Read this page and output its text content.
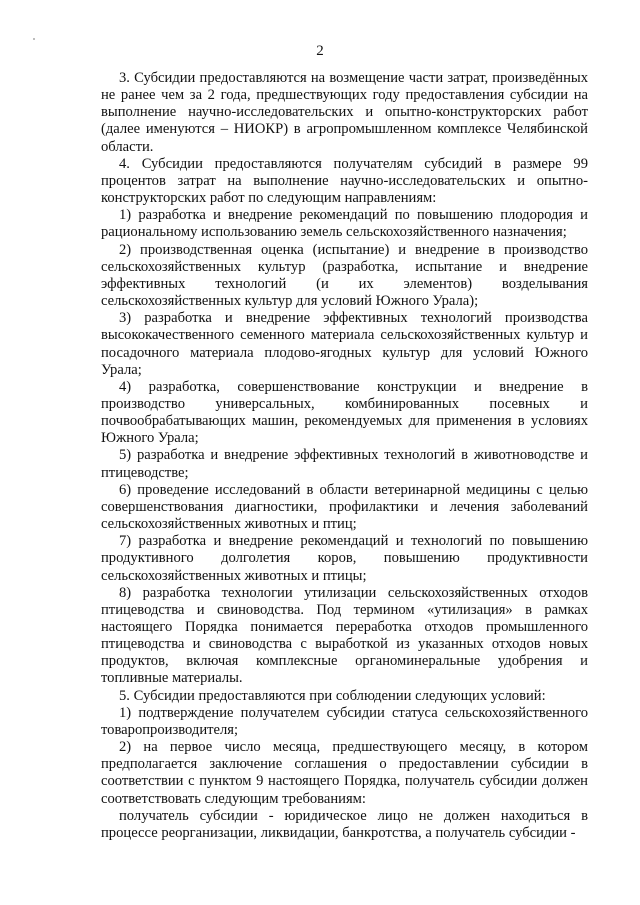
2

3. Субсидии предоставляются на возмещение части затрат, произведённых не ранее чем за 2 года, предшествующих году предоставления субсидии на выполнение научно-исследовательских и опытно-конструкторских работ (далее именуются – НИОКР) в агропромышленном комплексе Челябинской области.

4. Субсидии предоставляются получателям субсидий в размере 99 процентов затрат на выполнение научно-исследовательских и опытно-конструкторских работ по следующим направлениям:

1) разработка и внедрение рекомендаций по повышению плодородия и рациональному использованию земель сельскохозяйственного назначения;

2) производственная оценка (испытание) и внедрение в производство сельскохозяйственных культур (разработка, испытание и внедрение эффективных технологий (и их элементов) возделывания сельскохозяйственных культур для условий Южного Урала);

3) разработка и внедрение эффективных технологий производства высококачественного семенного материала сельскохозяйственных культур и посадочного материала плодово-ягодных культур для условий Южного Урала;

4) разработка, совершенствование конструкции и внедрение в производство универсальных, комбинированных посевных и почвообрабатывающих машин, рекомендуемых для применения в условиях Южного Урала;

5) разработка и внедрение эффективных технологий в животноводстве и птицеводстве;

6) проведение исследований в области ветеринарной медицины с целью совершенствования диагностики, профилактики и лечения заболеваний сельскохозяйственных животных и птиц;

7) разработка и внедрение рекомендаций и технологий по повышению продуктивного долголетия коров, повышению продуктивности сельскохозяйственных животных и птицы;

8) разработка технологии утилизации сельскохозяйственных отходов птицеводства и свиноводства. Под термином «утилизация» в рамках настоящего Порядка понимается переработка отходов промышленного птицеводства и свиноводства с выработкой из указанных отходов новых продуктов, включая комплексные органоминеральные удобрения и топливные материалы.

5. Субсидии предоставляются при соблюдении следующих условий:

1) подтверждение получателем субсидии статуса сельскохозяйственного товаропроизводителя;

2) на первое число месяца, предшествующего месяцу, в котором предполагается заключение соглашения о предоставлении субсидии в соответствии с пунктом 9 настоящего Порядка, получатель субсидии должен соответствовать следующим требованиям:

получатель субсидии - юридическое лицо не должен находиться в процессе реорганизации, ликвидации, банкротства, а получатель субсидии -
